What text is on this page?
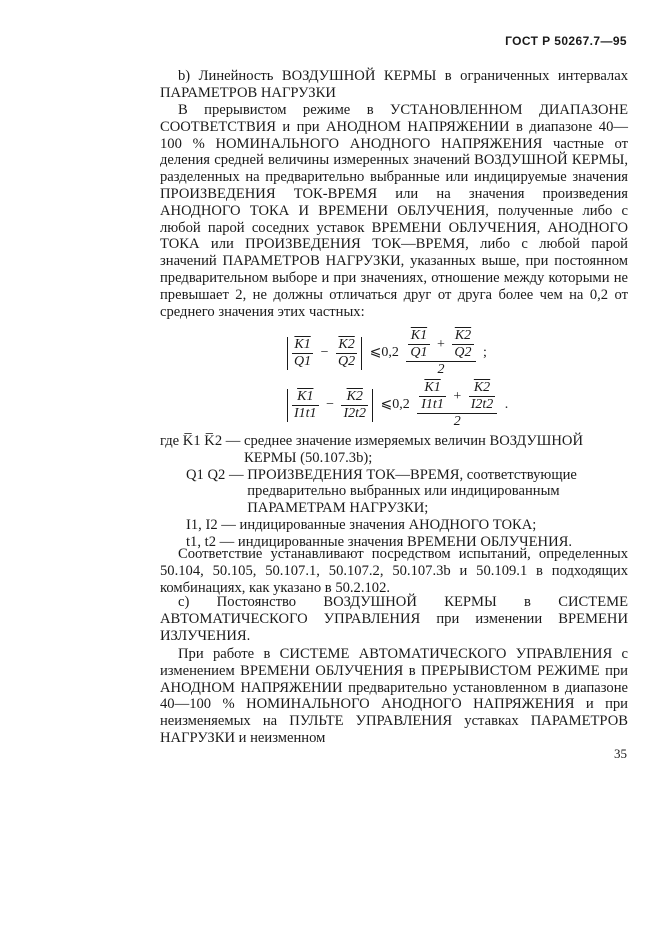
ГОСТ Р 50267.7—95

b) Линейность ВОЗДУШНОЙ КЕРМЫ в ограниченных интервалах ПАРАМЕТРОВ НАГРУЗКИ

В прерывистом режиме в УСТАНОВЛЕННОМ ДИАПАЗОНЕ СООТВЕТСТВИЯ и при АНОДНОМ НАПРЯЖЕНИИ в диапазоне 40—100 % НОМИНАЛЬНОГО АНОДНОГО НАПРЯЖЕНИЯ частные от деления средней величины измеренных значений ВОЗДУШНОЙ КЕРМЫ, разделенных на предварительно выбранные или индицируемые значения ПРОИЗВЕДЕНИЯ ТОК-ВРЕМЯ или на значения произведения АНОДНОГО ТОКА И ВРЕМЕНИ ОБЛУЧЕНИЯ, полученные либо с любой парой соседних уставок ВРЕМЕНИ ОБЛУЧЕНИЯ, АНОДНОГО ТОКА или ПРОИЗВЕДЕНИЯ ТОК—ВРЕМЯ, либо с любой парой значений ПАРАМЕТРОВ НАГРУЗКИ, указанных выше, при постоянном предварительном выборе и при значениях, отношение между которыми не превышает 2, не должны отличаться друг от друга более чем на 0,2 от среднего значения этих частных:

$\frac{K1}{Q1} - \frac{K2}{Q2}$ ⩽0,2 $\frac{\frac{K1}{Q1} + \frac{K2}{Q2}}{2}$ ;
$\frac{K1}{I1t1} - \frac{K2}{I2t2}$ ⩽0,2 $\frac{\frac{K1}{I1t1} + \frac{K2}{I2t2}}{2}$ .
где K̅1 K̅2 —
среднее значение измеряемых величин ВОЗДУШНОЙ КЕРМЫ (50.107.3b);
Q1 Q2 —
ПРОИЗВЕДЕНИЯ ТОК—ВРЕМЯ, соответствующие предварительно выбранных или индицированным ПАРАМЕТРАМ НАГРУЗКИ;
I1, I2 —
индицированные значения АНОДНОГО ТОКА;
t1, t2 —
индицированные значения ВРЕМЕНИ ОБЛУЧЕНИЯ.

Соответствие устанавливают посредством испытаний, определенных 50.104, 50.105, 50.107.1, 50.107.2, 50.107.3b и 50.109.1 в подходящих комбинациях, как указано в 50.2.102.

с) Постоянство ВОЗДУШНОЙ КЕРМЫ в СИСТЕМЕ АВТОМАТИЧЕСКОГО УПРАВЛЕНИЯ при изменении ВРЕМЕНИ ИЗЛУЧЕНИЯ.

При работе в СИСТЕМЕ АВТОМАТИЧЕСКОГО УПРАВЛЕНИЯ с изменением ВРЕМЕНИ ОБЛУЧЕНИЯ в ПРЕРЫВИСТОМ РЕЖИМЕ при АНОДНОМ НАПРЯЖЕНИИ предварительно установленном в диапазоне 40—100 % НОМИНАЛЬНОГО АНОДНОГО НАПРЯЖЕНИЯ и при неизменяемых на ПУЛЬТЕ УПРАВЛЕНИЯ уставках ПАРАМЕТРОВ НАГРУЗКИ и неизменном

35
